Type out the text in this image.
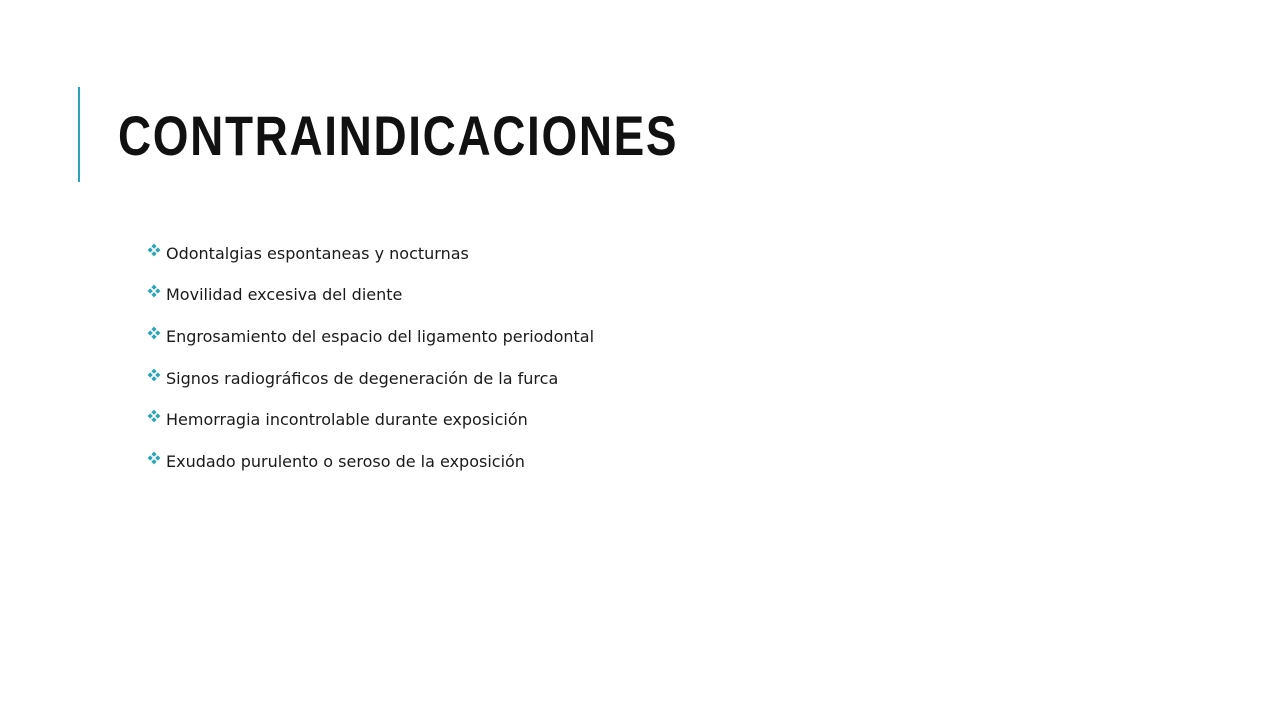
CONTRAINDICACIONES
Odontalgias espontaneas y nocturnas
Movilidad excesiva del diente
Engrosamiento del espacio del ligamento periodontal
Signos radiográficos de degeneración de la furca
Hemorragia incontrolable durante exposición
Exudado purulento o seroso de la exposición
